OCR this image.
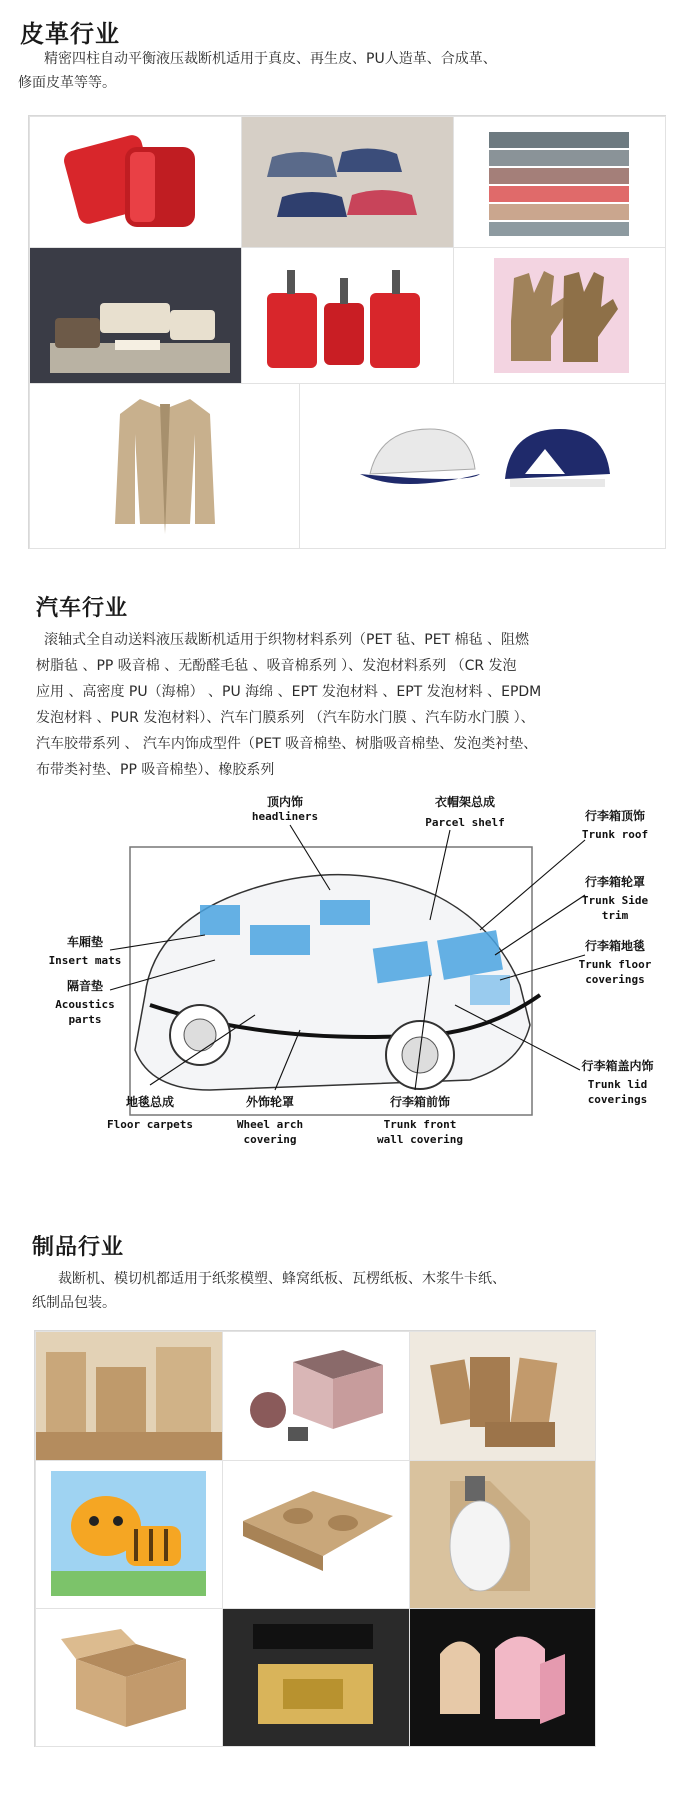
皮革行业
精密四柱自动平衡液压裁断机适用于真皮、再生皮、PU人造革、合成革、
修面皮革等等。
汽车行业
滚轴式全自动送料液压裁断机适用于织物材料系列（PET 毡、PET 棉毡 、阻燃
树脂毡 、PP 吸音棉 、无酚醛毛毡 、吸音棉系列 ）、发泡材料系列 （CR 发泡
应用 、高密度 PU（海棉） 、PU 海绵 、EPT 发泡材料 、EPT 发泡材料 、EPDM
发泡材料 、PUR 发泡材料）、汽车门膜系列 （汽车防水门膜 、汽车防水门膜 ）、
汽车胶带系列 、 汽车内饰成型件（PET 吸音棉垫、树脂吸音棉垫、发泡类衬垫、
布带类衬垫、PP 吸音棉垫）、橡胶系列
顶内饰
headliners
衣帽架总成
Parcel shelf	行李箱顶饰
Trunk roof
行李箱轮罩
Trunk Side
trim
行李箱地毯
Trunk floor
coverings
车厢垫
Insert mats
隔音垫
Acoustics
parts
行李箱盖内饰
Trunk lid
coverings
地毯总成
Floor carpets
外饰轮罩
Wheel arch
covering
行李箱前饰
Trunk front
wall covering
制品行业
裁断机、模切机都适用于纸浆模塑、蜂窝纸板、瓦楞纸板、木浆牛卡纸、
纸制品包装。
